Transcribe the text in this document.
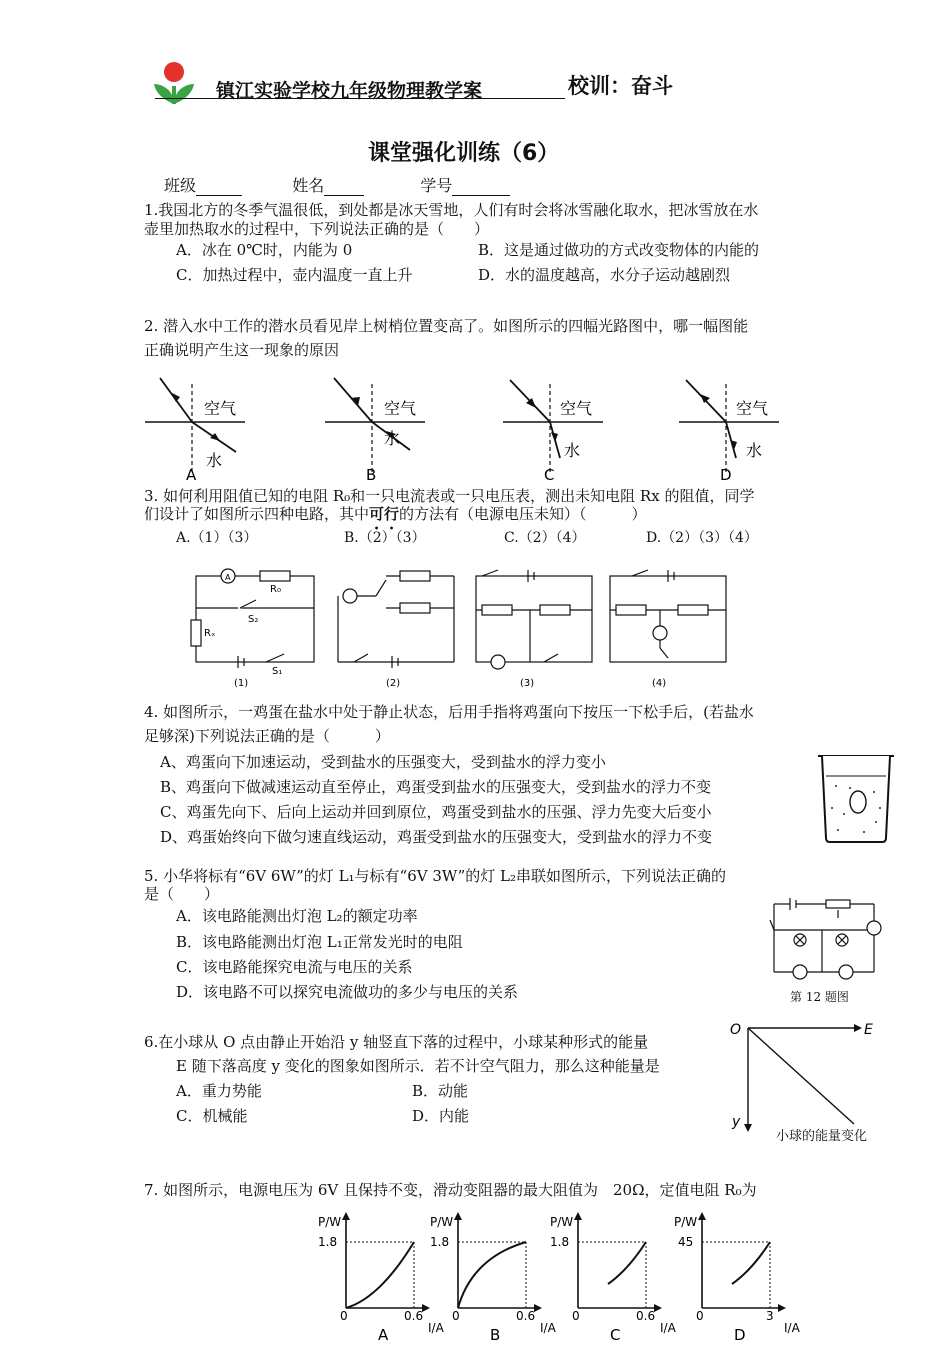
镇江实验学校九年级物理教学案	校训：奋斗
课堂强化训练（6）
班级	姓名	学号
1.我国北方的冬季气温很低，到处都是冰天雪地，人们有时会将冰雪融化取水，把冰雪放在水
壶里加热取水的过程中，下列说法正确的是（　　）
A．冰在 0℃时，内能为 0	B．这是通过做功的方式改变物体的内能的
C．加热过程中，壶内温度一直上升	D．水的温度越高，水分子运动越剧烈
2. 潜入水中工作的潜水员看见岸上树梢位置变高了。如图所示的四幅光路图中，哪一幅图能
正确说明产生这一现象的原因
空气
水
A
空气
水
B
空气
水
C
空气
水
D
3. 如何利用阻值已知的电阻 R₀和一只电流表或一只电压表，测出未知电阻 Rx 的阻值，同学
们设计了如图所示四种电路，其中可行的方法有（电源电压未知）（　　　）
A.（1）（3）	B.（2）（3）	C.（2）（4）	D.（2）（3）（4）
A
R₀
S₂
Rₓ
S₁
(1)	(2)	(3)	(4)
4. 如图所示，一鸡蛋在盐水中处于静止状态，后用手指将鸡蛋向下按压一下松手后，(若盐水
足够深)下列说法正确的是（　　　）
A、鸡蛋向下加速运动，受到盐水的压强变大，受到盐水的浮力变小
B、鸡蛋向下做减速运动直至停止，鸡蛋受到盐水的压强变大，受到盐水的浮力不变
C、鸡蛋先向下、后向上运动并回到原位，鸡蛋受到盐水的压强、浮力先变大后变小
D、鸡蛋始终向下做匀速直线运动，鸡蛋受到盐水的压强变大，受到盐水的浮力不变
5. 小华将标有“6V 6W”的灯 L₁与标有“6V 3W”的灯 L₂串联如图所示，下列说法正确的
是（　　）
A．该电路能测出灯泡 L₂的额定功率
B．该电路能测出灯泡 L₁正常发光时的电阻
C．该电路能探究电流与电压的关系
D．该电路不可以探究电流做功的多少与电压的关系	第 12 题图
6.在小球从 O 点由静止开始沿 y 轴竖直下落的过程中，小球某种形式的能量
E 随下落高度 y 变化的图象如图所示．若不计空气阻力，那么这种能量是
A．重力势能	B．动能
C．机械能	D．内能
O	E
y
小球的能量变化
7. 如图所示，电源电压为 6V 且保持不变，滑动变阻器的最大阻值为　20Ω，定值电阻 R₀为
P/W
1.8
0	0.6
I/A
A
P/W
1.8
0	0.6
I/A
B
P/W
1.8
0	0.6
I/A
C
P/W
45
0	3
I/A
D
